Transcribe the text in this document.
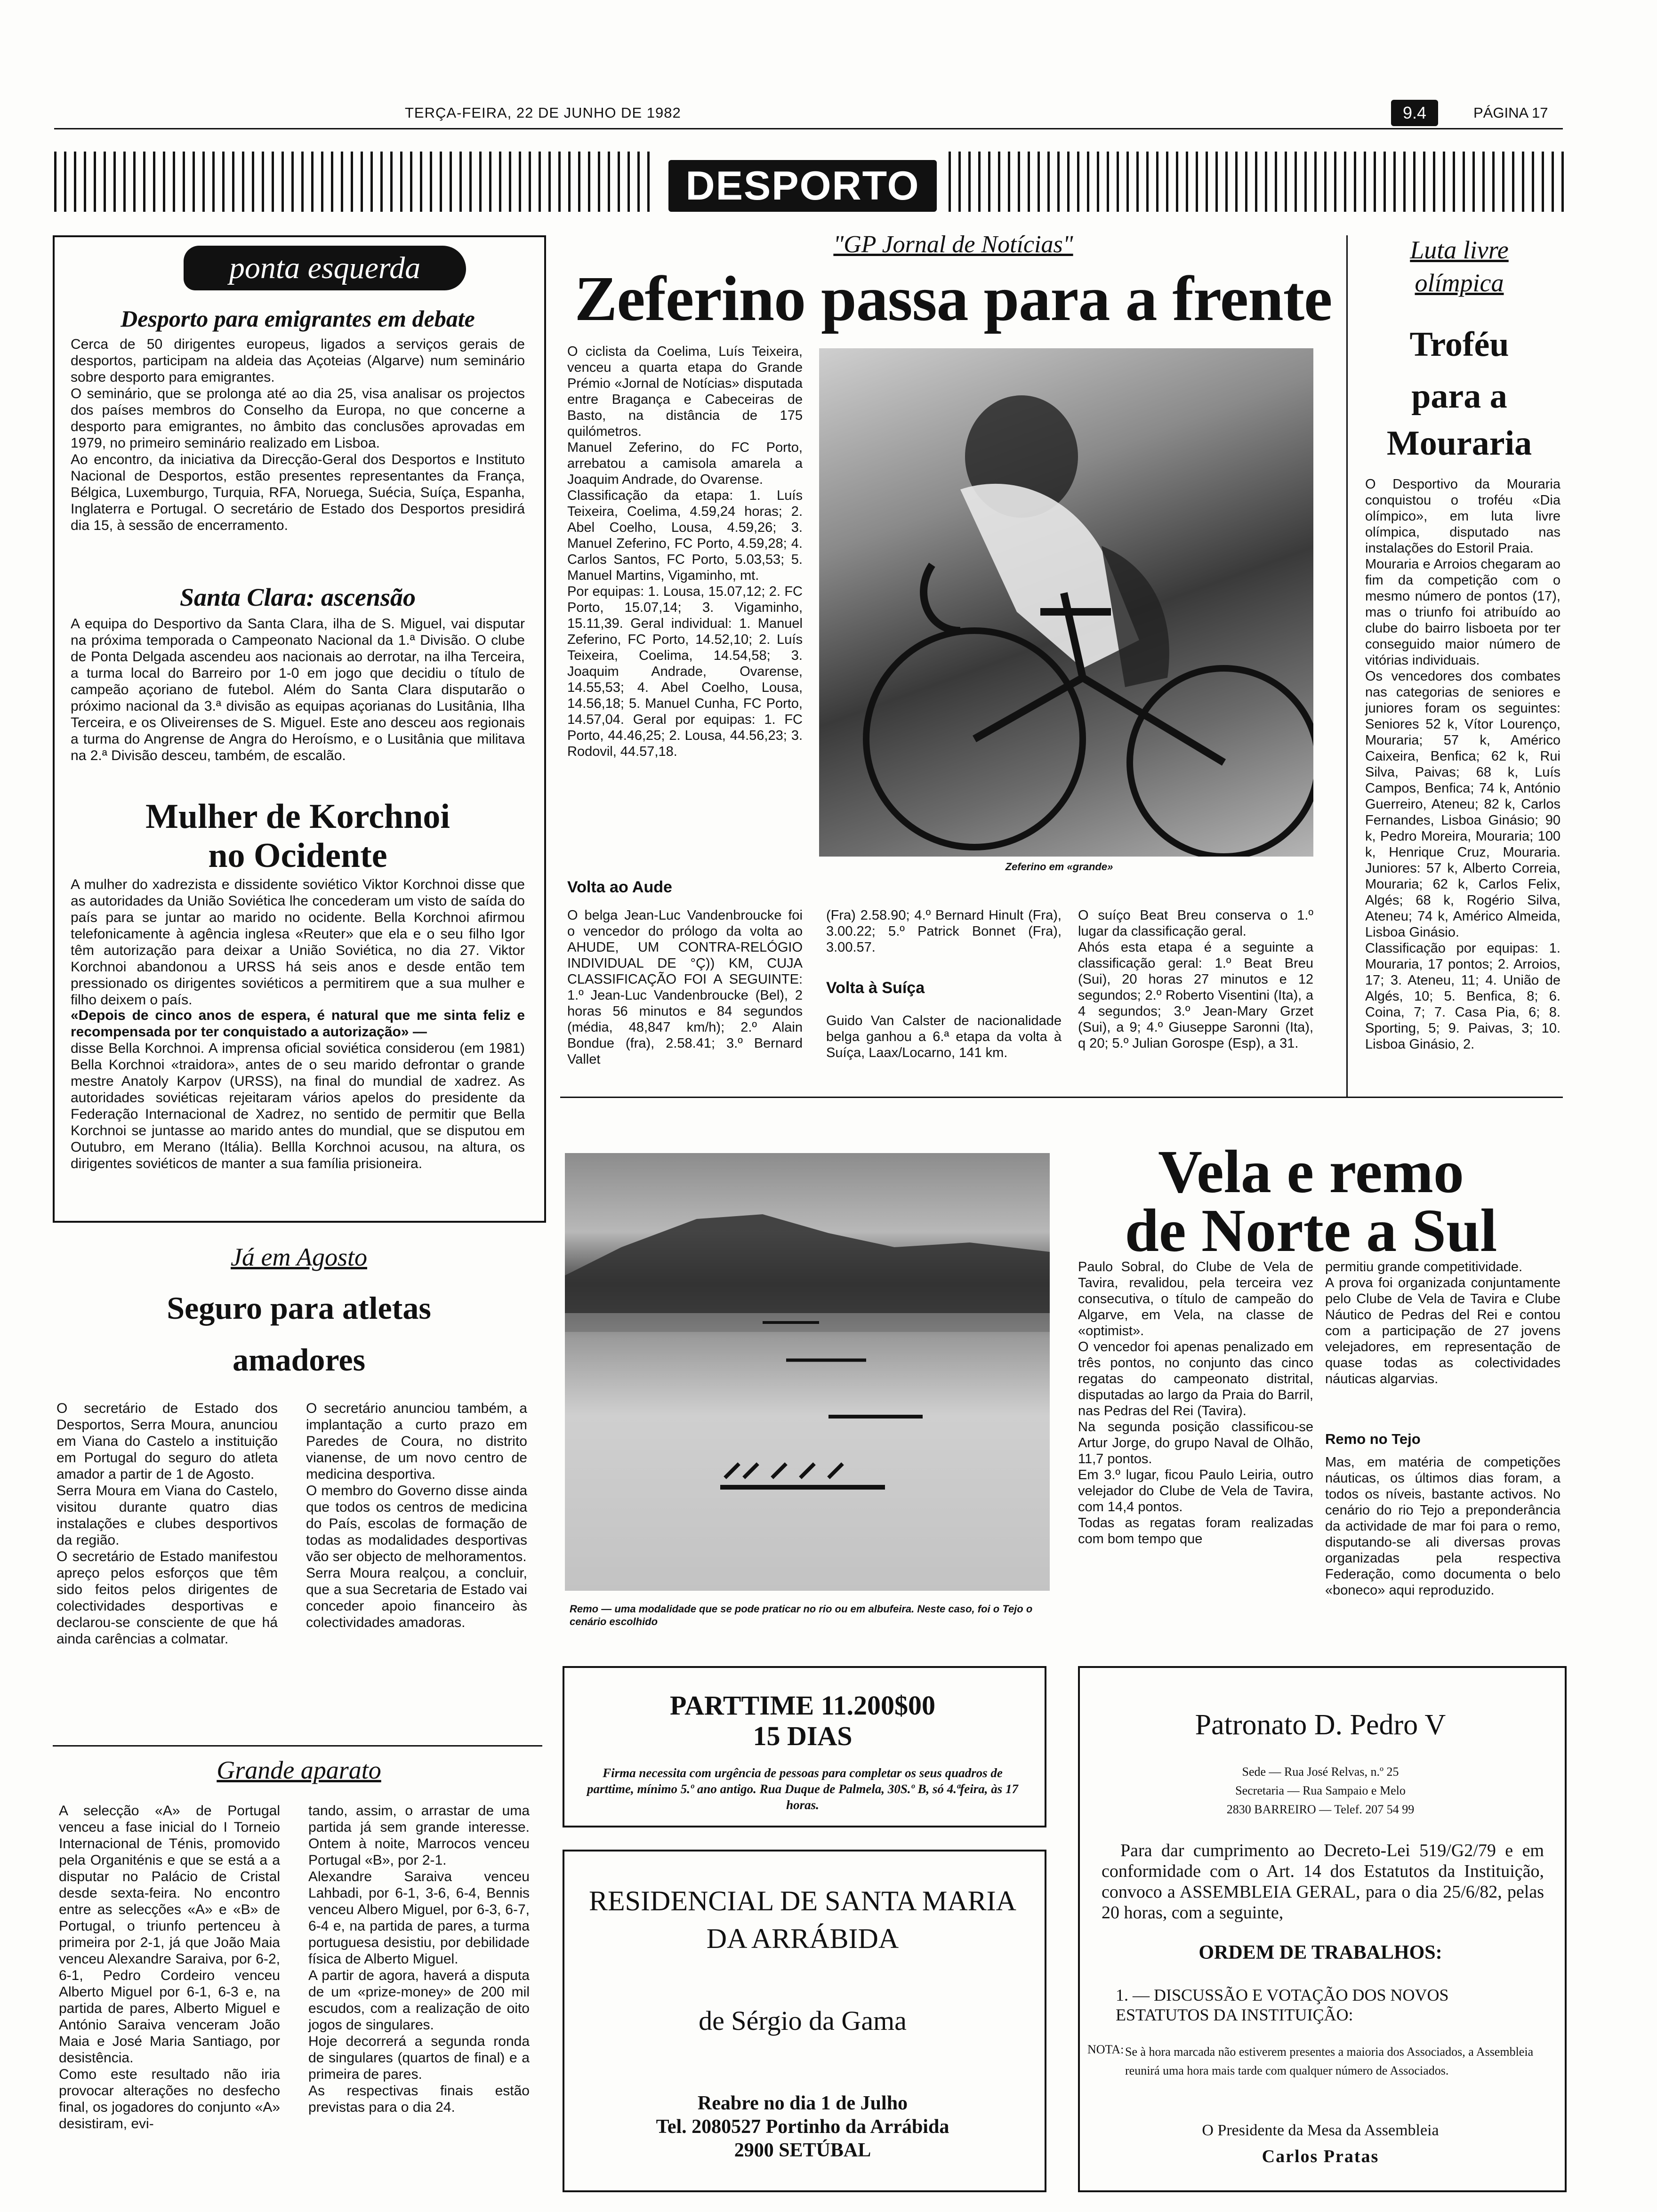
TERÇA-FEIRA, 22 DE JUNHO DE 1982	9.4	PÁGINA 17
DESPORTO
ponta esquerda
Desporto para emigrantes em debate
Cerca de 50 dirigentes europeus, ligados a serviços gerais de desportos, participam na aldeia das Açoteias (Algarve) num seminário sobre desporto para emigrantes.
O seminário, que se prolonga até ao dia 25, visa analisar os projectos dos países membros do Conselho da Europa, no que concerne a desporto para emigrantes, no âmbito das conclusões aprovadas em 1979, no primeiro seminário realizado em Lisboa.
Ao encontro, da iniciativa da Direcção-Geral dos Desportos e Instituto Nacional de Desportos, estão presentes representantes da França, Bélgica, Luxemburgo, Turquia, RFA, Noruega, Suécia, Suíça, Espanha, Inglaterra e Portugal. O secretário de Estado dos Desportos presidirá dia 15, à sessão de encerramento.
Santa Clara: ascensão
A equipa do Desportivo da Santa Clara, ilha de S. Miguel, vai disputar na próxima temporada o Campeonato Nacional da 1.ª Divisão. O clube de Ponta Delgada ascendeu aos nacionais ao derrotar, na ilha Terceira, a turma local do Barreiro por 1-0 em jogo que decidiu o título de campeão açoriano de futebol. Além do Santa Clara disputarão o próximo nacional da 3.ª divisão as equipas açorianas do Lusitânia, Ilha Terceira, e os Oliveirenses de S. Miguel. Este ano desceu aos regionais a turma do Angrense de Angra do Heroísmo, e o Lusitânia que militava na 2.ª Divisão desceu, também, de escalão.
Mulher de Korchnoi
no Ocidente
A mulher do xadrezista e dissidente soviético Viktor Korchnoi disse que as autoridades da União Soviética lhe concederam um visto de saída do país para se juntar ao marido no ocidente. Bella Korchnoi afirmou telefonicamente à agência inglesa «Reuter» que ela e o seu filho Igor têm autorização para deixar a União Soviética, no dia 27. Viktor Korchnoi abandonou a URSS há seis anos e desde então tem pressionado os dirigentes soviéticos a permitirem que a sua mulher e filho deixem o país.
«Depois de cinco anos de espera, é natural que me sinta feliz e recompensada por ter conquistado a autorização» —
disse Bella Korchnoi. A imprensa oficial soviética considerou (em 1981) Bella Korchnoi «traidora», antes de o seu marido defrontar o grande mestre Anatoly Karpov (URSS), na final do mundial de xadrez. As autoridades soviéticas rejeitaram vários apelos do presidente da Federação Internacional de Xadrez, no sentido de permitir que Bella Korchnoi se juntasse ao marido antes do mundial, que se disputou em Outubro, em Merano (Itália). Bellla Korchnoi acusou, na altura, os dirigentes soviéticos de manter a sua família prisioneira.
"GP Jornal de Notícias"
Zeferino passa para a frente
O ciclista da Coelima, Luís Teixeira, venceu a quarta etapa do Grande Prémio «Jornal de Notícias» disputada entre Bragança e Cabeceiras de Basto, na distância de 175 quilómetros.
Manuel Zeferino, do FC Porto, arrebatou a camisola amarela a Joaquim Andrade, do Ovarense.
Classificação da etapa: 1. Luís Teixeira, Coelima, 4.59,24 horas; 2. Abel Coelho, Lousa, 4.59,26; 3. Manuel Zeferino, FC Porto, 4.59,28; 4. Carlos Santos, FC Porto, 5.03,53; 5. Manuel Martins, Vigaminho, mt.
Por equipas: 1. Lousa, 15.07,12; 2. FC Porto, 15.07,14; 3. Vigaminho, 15.11,39. Geral individual: 1. Manuel Zeferino, FC Porto, 14.52,10; 2. Luís Teixeira, Coelima, 14.54,58; 3. Joaquim Andrade, Ovarense, 14.55,53; 4. Abel Coelho, Lousa, 14.56,18; 5. Manuel Cunha, FC Porto, 14.57,04. Geral por equipas: 1. FC Porto, 44.46,25; 2. Lousa, 44.56,23; 3. Rodovil, 44.57,18.
Zeferino em «grande»
Volta ao Aude
O belga Jean-Luc Vandenbroucke foi o vencedor do prólogo da volta ao AHUDE, UM CONTRA-RELÓGIO INDIVIDUAL DE °Ç)) KM, CUJA CLASSIFICAÇÃO FOI A SEGUINTE: 1.º Jean-Luc Vandenbroucke (Bel), 2 horas 56 minutos e 84 segundos (média, 48,847 km/h); 2.º Alain Bondue (fra), 2.58.41; 3.º Bernard Vallet
(Fra) 2.58.90; 4.º Bernard Hinult (Fra), 3.00.22; 5.º Patrick Bonnet (Fra), 3.00.57.
Volta à Suíça
Guido Van Calster de nacionalidade belga ganhou a 6.ª etapa da volta à Suíça, Laax/Locarno, 141 km.
O suíço Beat Breu conserva o 1.º lugar da classificação geral.
Ahós esta etapa é a seguinte a classificação geral: 1.º Beat Breu (Sui), 20 horas 27 minutos e 12 segundos; 2.º Roberto Visentini (Ita), a 4 segundos; 3.º Jean-Mary Grzet (Sui), a 9; 4.º Giuseppe Saronni (Ita), q 20; 5.º Julian Gorospe (Esp), a 31.
Luta livre
olímpica
Troféu
para a
Mouraria
O Desportivo da Mouraria conquistou o troféu «Dia olímpico», em luta livre olímpica, disputado nas instalações do Estoril Praia.
Mouraria e Arroios chegaram ao fim da competição com o mesmo número de pontos (17), mas o triunfo foi atribuído ao clube do bairro lisboeta por ter conseguido maior número de vitórias individuais.
Os vencedores dos combates nas categorias de seniores e juniores foram os seguintes: Seniores 52 k, Vítor Lourenço, Mouraria; 57 k, Américo Caixeira, Benfica; 62 k, Rui Silva, Paivas; 68 k, Luís Campos, Benfica; 74 k, António Guerreiro, Ateneu; 82 k, Carlos Fernandes, Lisboa Ginásio; 90 k, Pedro Moreira, Mouraria; 100 k, Henrique Cruz, Mouraria. Juniores: 57 k, Alberto Correia, Mouraria; 62 k, Carlos Felix, Algés; 68 k, Rogério Silva, Ateneu; 74 k, Américo Almeida, Lisboa Ginásio.
Classificação por equipas: 1. Mouraria, 17 pontos; 2. Arroios, 17; 3. Ateneu, 11; 4. União de Algés, 10; 5. Benfica, 8; 6. Coina, 7; 7. Casa Pia, 6; 8. Sporting, 5; 9. Paivas, 3; 10. Lisboa Ginásio, 2.
Já em Agosto
Seguro para atletas
amadores
O secretário de Estado dos Desportos, Serra Moura, anunciou em Viana do Castelo a instituição em Portugal do seguro do atleta amador a partir de 1 de Agosto.
Serra Moura em Viana do Castelo, visitou durante quatro dias instalações e clubes desportivos da região.
O secretário de Estado manifestou apreço pelos esforços que têm sido feitos pelos dirigentes de colectividades desportivas e declarou-se consciente de que há ainda carências a colmatar.
O secretário anunciou também, a implantação a curto prazo em Paredes de Coura, no distrito vianense, de um novo centro de medicina desportiva.
O membro do Governo disse ainda que todos os centros de medicina do País, escolas de formação de todas as modalidades desportivas vão ser objecto de melhoramentos.
Serra Moura realçou, a concluir, que a sua Secretaria de Estado vai conceder apoio financeiro às colectividades amadoras.
Grande aparato
A selecção «A» de Portugal venceu a fase inicial do I Torneio Internacional de Ténis, promovido pela Organiténis e que se está a a disputar no Palácio de Cristal desde sexta-feira. No encontro entre as selecções «A» e «B» de Portugal, o triunfo pertenceu à primeira por 2-1, já que João Maia venceu Alexandre Saraiva, por 6-2, 6-1, Pedro Cordeiro venceu Alberto Miguel por 6-1, 6-3 e, na partida de pares, Alberto Miguel e António Saraiva venceram João Maia e José Maria Santiago, por desistência.
Como este resultado não iria provocar alterações no desfecho final, os jogadores do conjunto «A» desistiram, evi-
tando, assim, o arrastar de uma partida já sem grande interesse. Ontem à noite, Marrocos venceu Portugal «B», por 2-1.
Alexandre Saraiva venceu Lahbadi, por 6-1, 3-6, 6-4, Bennis venceu Albero Miguel, por 6-3, 6-7, 6-4 e, na partida de pares, a turma portuguesa desistiu, por debilidade física de Alberto Miguel.
A partir de agora, haverá a disputa de um «prize-money» de 200 mil escudos, com a realização de oito jogos de singulares.
Hoje decorrerá a segunda ronda de singulares (quartos de final) e a primeira de pares.
As respectivas finais estão previstas para o dia 24.
Remo — uma modalidade que se pode praticar no rio ou em albufeira. Neste caso, foi o Tejo o cenário escolhido
Vela e remo
de Norte a Sul
Paulo Sobral, do Clube de Vela de Tavira, revalidou, pela terceira vez consecutiva, o título de campeão do Algarve, em Vela, na classe de «optimist».
O vencedor foi apenas penalizado em três pontos, no conjunto das cinco regatas do campeonato distrital, disputadas ao largo da Praia do Barril, nas Pedras del Rei (Tavira).
Na segunda posição classificou-se Artur Jorge, do grupo Naval de Olhão, 11,7 pontos.
Em 3.º lugar, ficou Paulo Leiria, outro velejador do Clube de Vela de Tavira, com 14,4 pontos.
Todas as regatas foram realizadas com bom tempo que
permitiu grande competitividade.
A prova foi organizada conjuntamente pelo Clube de Vela de Tavira e Clube Náutico de Pedras del Rei e contou com a participação de 27 jovens velejadores, em representação de quase todas as colectividades náuticas algarvias.
Remo no Tejo
Mas, em matéria de competições náuticas, os últimos dias foram, a todos os níveis, bastante activos. No cenário do rio Tejo a preponderância da actividade de mar foi para o remo, disputando-se ali diversas provas organizadas pela respectiva Federação, como documenta o belo «boneco» aqui reproduzido.
PARTTIME 11.200$00
15 DIAS
Firma necessita com urgência de pessoas para completar os seus quadros de parttime, mínimo 5.º ano antigo. Rua Duque de Palmela, 30S.º B, só 4.ªfeira, às 17 horas.
RESIDENCIAL DE SANTA MARIA
DA ARRÁBIDA
de Sérgio da Gama
Reabre no dia 1 de Julho
Tel. 2080527 Portinho da Arrábida
2900 SETÚBAL
Patronato D. Pedro V
Sede — Rua José Relvas, n.º 25
Secretaria — Rua Sampaio e Melo
2830 BARREIRO — Telef. 207 54 99
Para dar cumprimento ao Decreto-Lei 519/G2/79 e em conformidade com o Art. 14 dos Estatutos da Instituição, convoco a ASSEMBLEIA GERAL, para o dia 25/6/82, pelas 20 horas, com a seguinte,
ORDEM DE TRABALHOS:
1. — DISCUSSÃO E VOTAÇÃO DOS NOVOS ESTATUTOS DA INSTITUIÇÃO:
NOTA: Se à hora marcada não estiverem presentes a maioria dos Associados, a Assembleia reunirá uma hora mais tarde com qualquer número de Associados.
O Presidente da Mesa da Assembleia
Carlos Pratas
